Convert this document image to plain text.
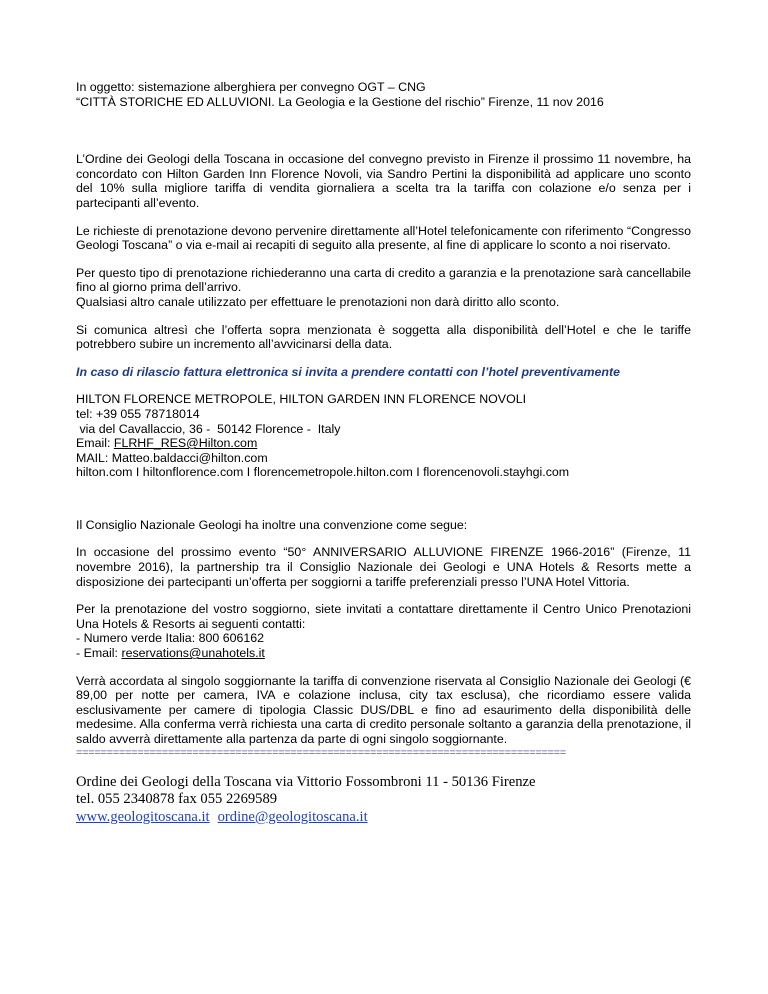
In oggetto: sistemazione alberghiera per convegno OGT – CNG

“CITTÀ STORICHE ED ALLUVIONI. La Geologia e la Gestione del rischio” Firenze, 11 nov 2016

L’Ordine dei Geologi della Toscana in occasione del convegno previsto in Firenze il prossimo 11 novembre, ha concordato con Hilton Garden Inn Florence Novoli, via Sandro Pertini la disponibilità ad applicare uno sconto del 10% sulla migliore tariffa di vendita giornaliera a scelta tra la tariffa con colazione e/o senza per i partecipanti all’evento.

Le richieste di prenotazione devono pervenire direttamente all’Hotel telefonicamente con riferimento “Congresso Geologi Toscana” o via e-mail ai recapiti di seguito alla presente, al fine di applicare lo sconto a noi riservato.

Per questo tipo di prenotazione richiederanno una carta di credito a garanzia e la prenotazione sarà cancellabile fino al giorno prima dell’arrivo.

Qualsiasi altro canale utilizzato per effettuare le prenotazioni non darà diritto allo sconto.

Si comunica altresì che l’offerta sopra menzionata è soggetta alla disponibilità dell’Hotel e che le tariffe potrebbero subire un incremento all’avvicinarsi della data.

In caso di rilascio fattura elettronica si invita a prendere contatti con l’hotel preventivamente

HILTON FLORENCE METROPOLE, HILTON GARDEN INN FLORENCE NOVOLI

tel: +39 055 78718014

via del Cavallaccio, 36 -  50142 Florence -  Italy

Email: FLRHF_RES@Hilton.com

MAIL: Matteo.baldacci@hilton.com

hilton.com I hiltonflorence.com I florencemetropole.hilton.com I florencenovoli.stayhgi.com

Il Consiglio Nazionale Geologi ha inoltre una convenzione come segue:

In occasione del prossimo evento “50° ANNIVERSARIO ALLUVIONE FIRENZE 1966-2016” (Firenze, 11 novembre 2016), la partnership tra il Consiglio Nazionale dei Geologi e UNA Hotels & Resorts mette a disposizione dei partecipanti un’offerta per soggiorni a tariffe preferenziali presso l’UNA Hotel Vittoria.

Per la prenotazione del vostro soggiorno, siete invitati a contattare direttamente il Centro Unico Prenotazioni Una Hotels & Resorts ai seguenti contatti:

- Numero verde Italia: 800 606162

- Email: reservations@unahotels.it

Verrà accordata al singolo soggiornante la tariffa di convenzione riservata al Consiglio Nazionale dei Geologi (€ 89,00 per notte per camera, IVA e colazione inclusa, city tax esclusa), che ricordiamo essere valida esclusivamente per camere di tipologia Classic DUS/DBL e fino ad esaurimento della disponibilità delle medesime. Alla conferma verrà richiesta una carta di credito personale soltanto a garanzia della prenotazione, il saldo avverrà direttamente alla partenza da parte di ogni singolo soggiornante.

================================================================================

Ordine dei Geologi della Toscana via Vittorio Fossombroni 11 - 50136 Firenze

tel. 055 2340878 fax 055 2269589

www.geologitoscana.it ordine@geologitoscana.it
